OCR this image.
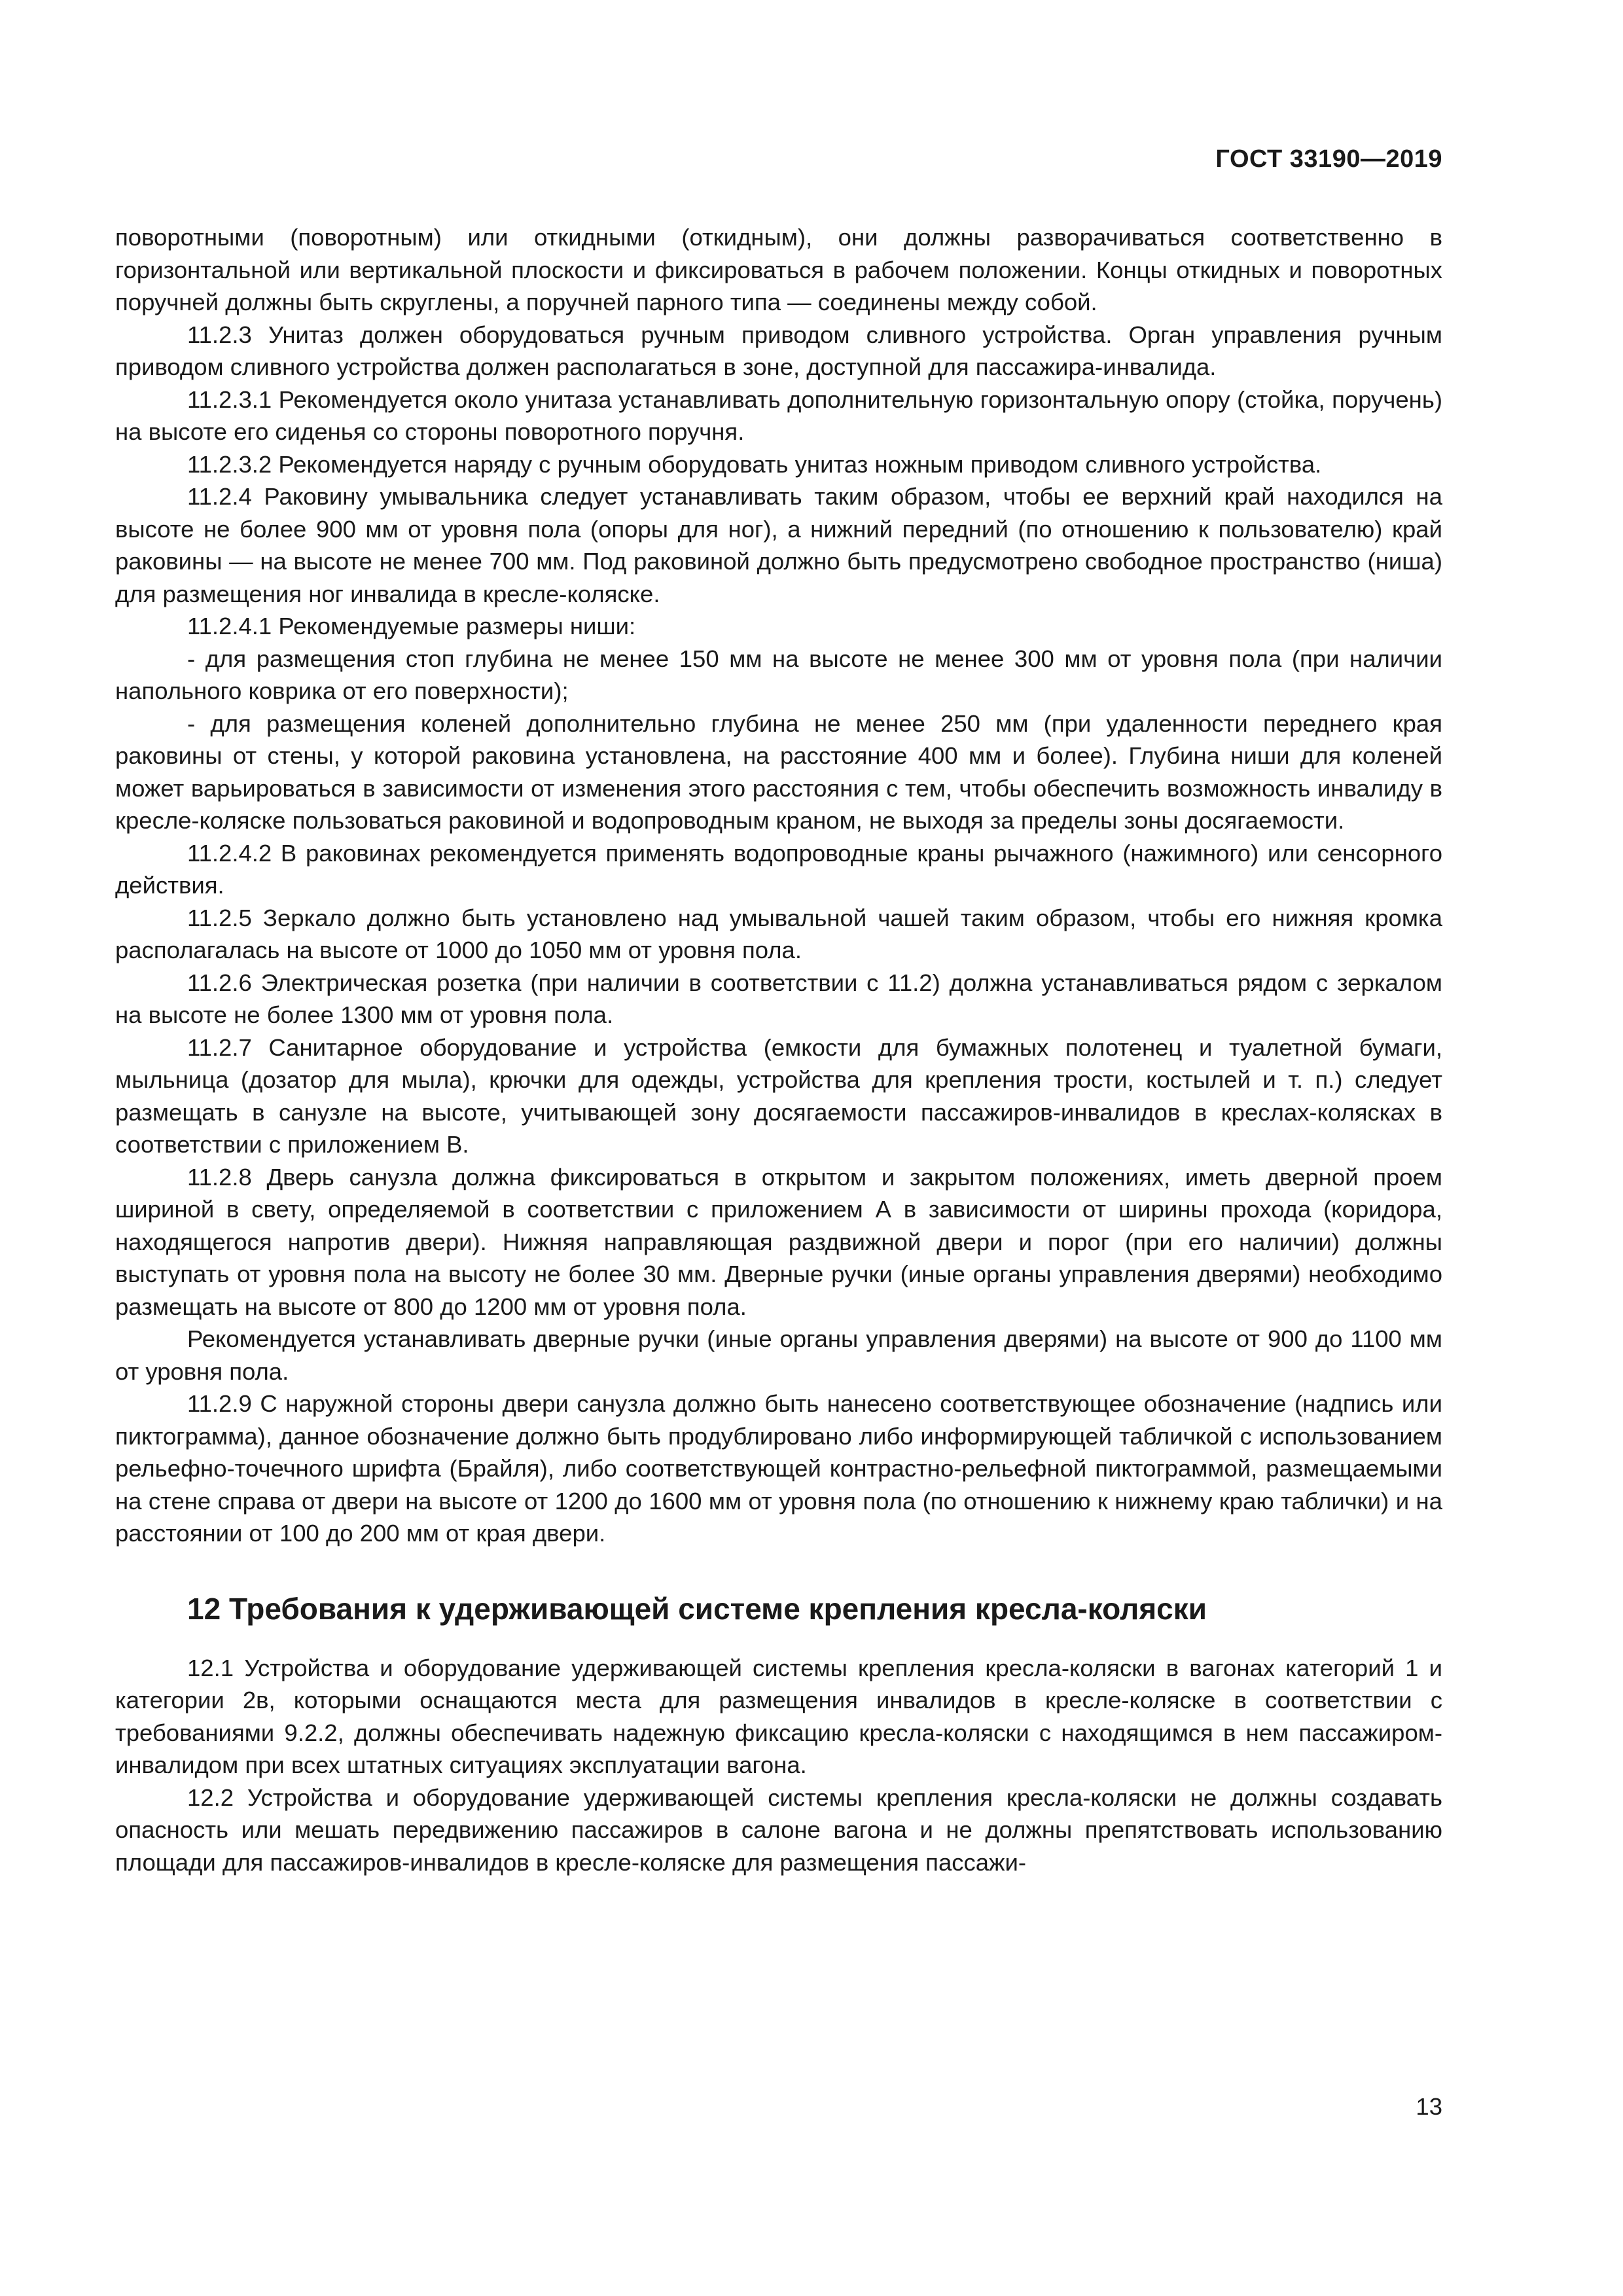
ГОСТ 33190—2019

поворотными (поворотным) или откидными (откидным), они должны разворачиваться соответственно в горизонтальной или вертикальной плоскости и фиксироваться в рабочем положении. Концы откидных и поворотных поручней должны быть скруглены, а поручней парного типа — соединены между собой.

11.2.3 Унитаз должен оборудоваться ручным приводом сливного устройства. Орган управления ручным приводом сливного устройства должен располагаться в зоне, доступной для пассажира-инвалида.

11.2.3.1 Рекомендуется около унитаза устанавливать дополнительную горизонтальную опору (стойка, поручень) на высоте его сиденья со стороны поворотного поручня.

11.2.3.2 Рекомендуется наряду с ручным оборудовать унитаз ножным приводом сливного устройства.

11.2.4 Раковину умывальника следует устанавливать таким образом, чтобы ее верхний край находился на высоте не более 900 мм от уровня пола (опоры для ног), а нижний передний (по отношению к пользователю) край раковины — на высоте не менее 700 мм. Под раковиной должно быть предусмотрено свободное пространство (ниша) для размещения ног инвалида в кресле-коляске.

11.2.4.1 Рекомендуемые размеры ниши:

- для размещения стоп глубина не менее 150 мм на высоте не менее 300 мм от уровня пола (при наличии напольного коврика от его поверхности);

- для размещения коленей дополнительно глубина не менее 250 мм (при удаленности переднего края раковины от стены, у которой раковина установлена, на расстояние 400 мм и более). Глубина ниши для коленей может варьироваться в зависимости от изменения этого расстояния с тем, чтобы обеспечить возможность инвалиду в кресле-коляске пользоваться раковиной и водопроводным краном, не выходя за пределы зоны досягаемости.

11.2.4.2 В раковинах рекомендуется применять водопроводные краны рычажного (нажимного) или сенсорного действия.

11.2.5 Зеркало должно быть установлено над умывальной чашей таким образом, чтобы его нижняя кромка располагалась на высоте от 1000 до 1050 мм от уровня пола.

11.2.6 Электрическая розетка (при наличии в соответствии с 11.2) должна устанавливаться рядом с зеркалом на высоте не более 1300 мм от уровня пола.

11.2.7 Санитарное оборудование и устройства (емкости для бумажных полотенец и туалетной бумаги, мыльница (дозатор для мыла), крючки для одежды, устройства для крепления трости, костылей и т. п.) следует размещать в санузле на высоте, учитывающей зону досягаемости пассажиров-инвалидов в креслах-колясках в соответствии с приложением В.

11.2.8 Дверь санузла должна фиксироваться в открытом и закрытом положениях, иметь дверной проем шириной в свету, определяемой в соответствии с приложением А в зависимости от ширины прохода (коридора, находящегося напротив двери). Нижняя направляющая раздвижной двери и порог (при его наличии) должны выступать от уровня пола на высоту не более 30 мм. Дверные ручки (иные органы управления дверями) необходимо размещать на высоте от 800 до 1200 мм от уровня пола.

Рекомендуется устанавливать дверные ручки (иные органы управления дверями) на высоте от 900 до 1100 мм от уровня пола.

11.2.9 С наружной стороны двери санузла должно быть нанесено соответствующее обозначение (надпись или пиктограмма), данное обозначение должно быть продублировано либо информирующей табличкой с использованием рельефно-точечного шрифта (Брайля), либо соответствующей контрастно-рельефной пиктограммой, размещаемыми на стене справа от двери на высоте от 1200 до 1600 мм от уровня пола (по отношению к нижнему краю таблички) и на расстоянии от 100 до 200 мм от края двери.

12 Требования к удерживающей системе крепления кресла-коляски

12.1 Устройства и оборудование удерживающей системы крепления кресла-коляски в вагонах категорий 1 и категории 2в, которыми оснащаются места для размещения инвалидов в кресле-коляске в соответствии с требованиями 9.2.2, должны обеспечивать надежную фиксацию кресла-коляски с находящимся в нем пассажиром-инвалидом при всех штатных ситуациях эксплуатации вагона.

12.2 Устройства и оборудование удерживающей системы крепления кресла-коляски не должны создавать опасность или мешать передвижению пассажиров в салоне вагона и не должны препятствовать использованию площади для пассажиров-инвалидов в кресле-коляске для размещения пассажи-

13
